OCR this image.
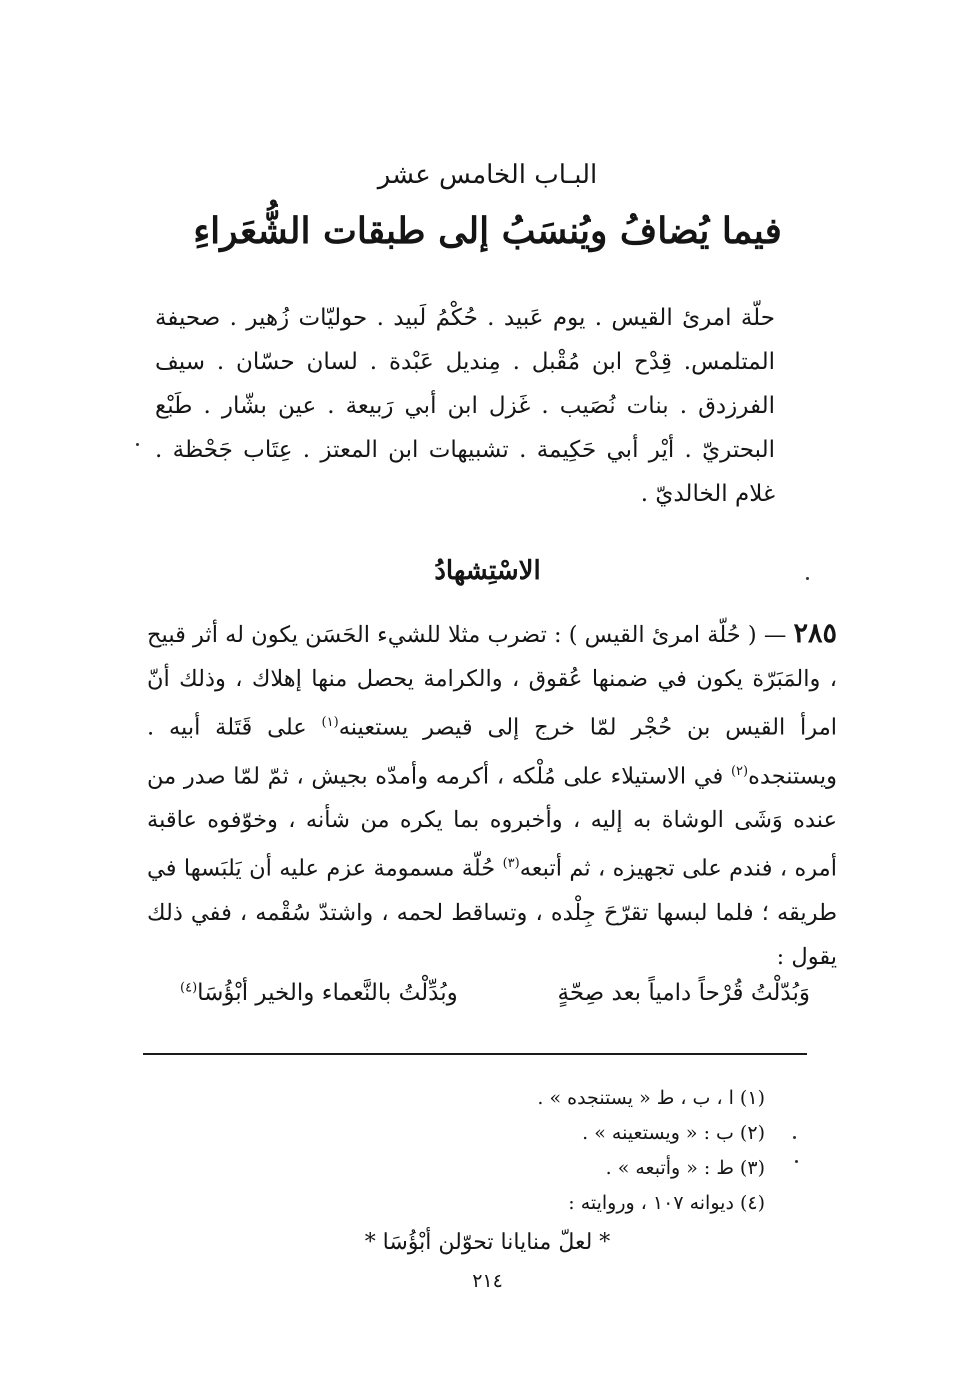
البـاب الخامس عشر
فيما يُضافُ ويُنسَبُ إلى طبقات الشُّعَراءِ
حلّة امرئ القيس . يوم عَبيد . حُكْمُ لَبيد . حوليّات زُهير . صحيفة المتلمس. قِدْح ابن مُقْبل . مِنديل عَبْدة . لسان حسّان . سيف الفرزدق . بنات نُصَيب . غَزل ابن أبي رَبيعة . عين بشّار . طَبْع البحتريّ . أيْر أبي حَكِيمة . تشبيهات ابن المعتز . عِتَاب جَحْظة . غلام الخالديّ .
الاسْتِشهادُ
٢٨٥ — ( حُلّة امرئ القيس ) : تضرب مثلا للشيء الحَسَن يكون له أثر قبيح ، والمَبَرّة يكون في ضمنها عُقوق ، والكرامة يحصل منها إهلاك ، وذلك أنّ امرأ القيس بن حُجْر لمّا خرج إلى قيصر يستعينه$^{(١)}$ على قَتَلة أبيه . ويستنجده$^{(٢)}$ في الاستيلاء على مُلْكه ، أكرمه وأمدّه بجيش ، ثمّ لمّا صدر من عنده وَشَى الوشاة به إليه ، وأخبروه بما يكره من شأنه ، وخوّفوه عاقبة أمره ، فندم على تجهيزه ، ثم أتبعه$^{(٣)}$ حُلّة مسمومة عزم عليه أن يَلبَسها في طريقه ؛ فلما لبسها تقرّحَ جِلْده ، وتساقط لحمه ، واشتدّ سُقْمه ، ففي ذلك يقول :
وَبُدّلْتُ قُرْحاً دامياً بعد صِحّةٍ
وبُدِّلْتُ بالنَّعماء والخير أبْؤُسَا$^{(٤)}$
(١) ا ، ب ، ط « يستنجده » .
(٢) ب : « ويستعينه » .
(٣) ط : « وأتبعه » .
(٤) ديوانه ١٠٧ ، وروايته :
* لعلّ منايانا تحوّلن أبْؤُسَا *
٢١٤
